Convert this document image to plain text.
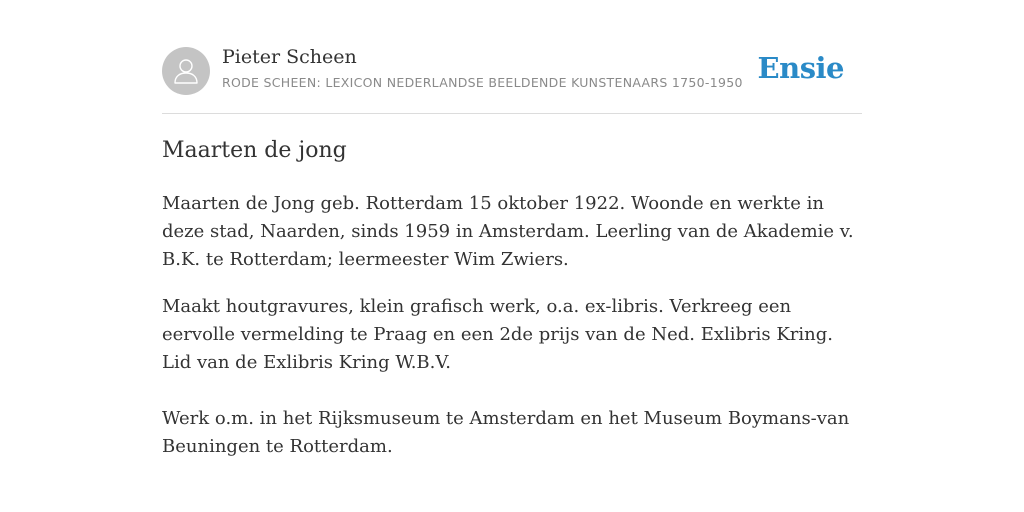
Pieter Scheen
RODE SCHEEN: LEXICON NEDERLANDSE BEELDENDE KUNSTENAARS 1750-1950 Ensie
Maarten de jong

Maarten de Jong geb. Rotterdam 15 oktober 1922. Woonde en werkte in deze stad, Naarden, sinds 1959 in Amsterdam. Leerling van de Akademie v. B.K. te Rotterdam; leermeester Wim Zwiers.

Maakt houtgravures, klein grafisch werk, o.a. ex-libris. Verkreeg een eervolle vermelding te Praag en een 2de prijs van de Ned. Exlibris Kring. Lid van de Exlibris Kring W.B.V.

Werk o.m. in het Rijksmuseum te Amsterdam en het Museum Boymans-van Beuningen te Rotterdam.
